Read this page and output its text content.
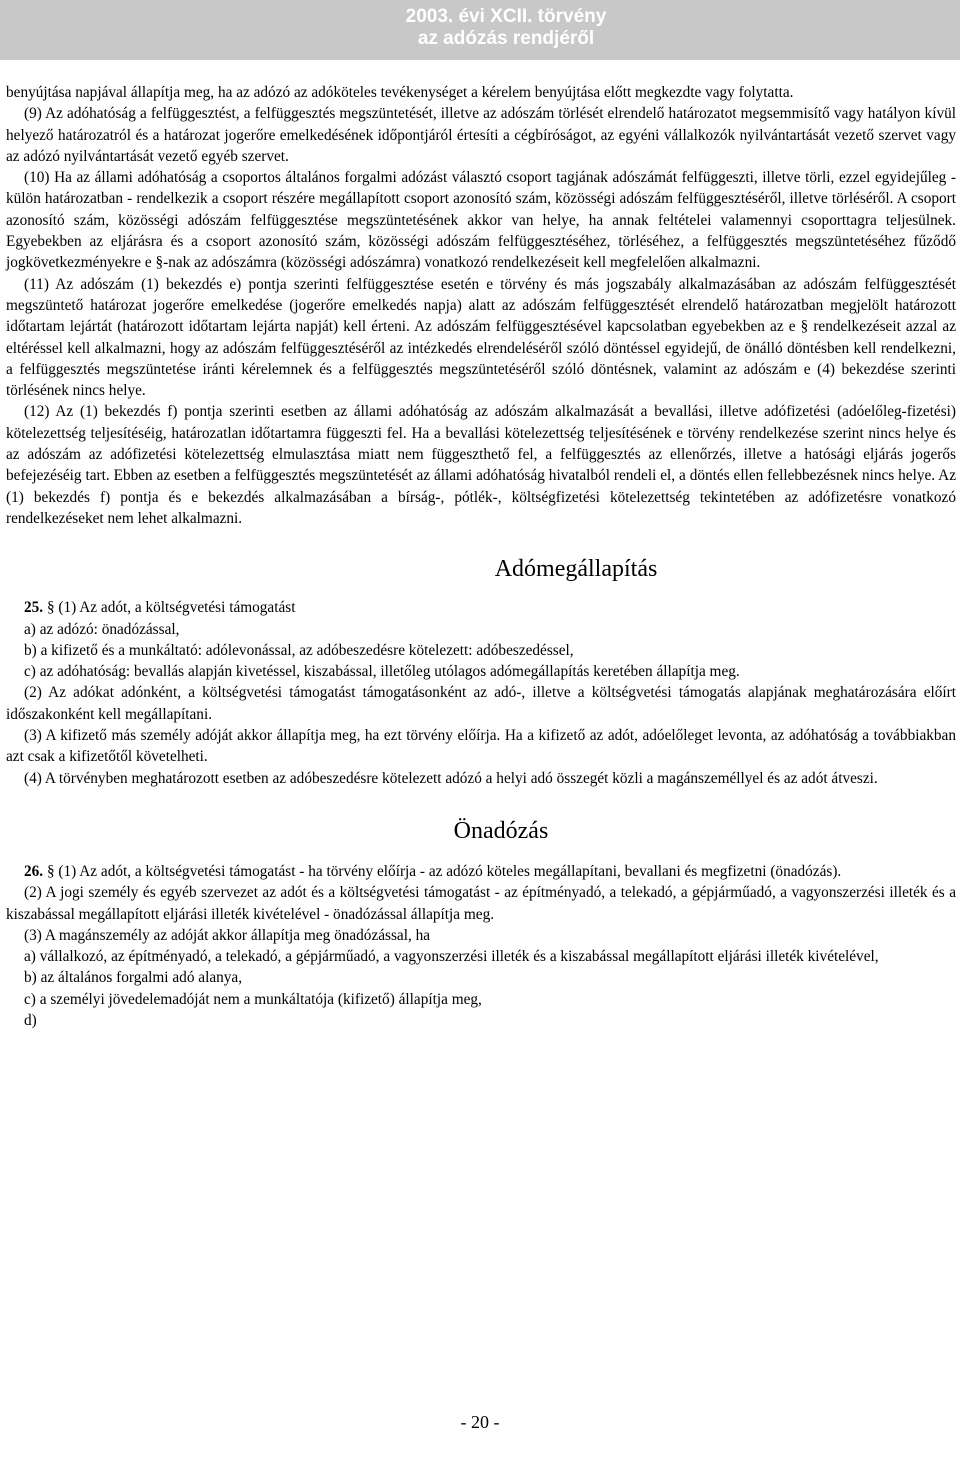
2003. évi XCII. törvény
az adózás rendjéről

benyújtása napjával állapítja meg, ha az adózó az adóköteles tevékenységet a kérelem benyújtása előtt megkezdte vagy folytatta.

(9) Az adóhatóság a felfüggesztést, a felfüggesztés megszüntetését, illetve az adószám törlését elrendelő határozatot megsemmisítő vagy hatályon kívül helyező határozatról és a határozat jogerőre emelkedésének időpontjáról értesíti a cégbíróságot, az egyéni vállalkozók nyilvántartását vezető szervet vagy az adózó nyilvántartását vezető egyéb szervet.

(10) Ha az állami adóhatóság a csoportos általános forgalmi adózást választó csoport tagjának adószámát felfüggeszti, illetve törli, ezzel egyidejűleg - külön határozatban - rendelkezik a csoport részére megállapított csoport azonosító szám, közösségi adószám felfüggesztéséről, illetve törléséről. A csoport azonosító szám, közösségi adószám felfüggesztése megszüntetésének akkor van helye, ha annak feltételei valamennyi csoporttagra teljesülnek. Egyebekben az eljárásra és a csoport azonosító szám, közösségi adószám felfüggesztéséhez, törléséhez, a felfüggesztés megszüntetéséhez fűződő jogkövetkezményekre e §-nak az adószámra (közösségi adószámra) vonatkozó rendelkezéseit kell megfelelően alkalmazni.

(11) Az adószám (1) bekezdés e) pontja szerinti felfüggesztése esetén e törvény és más jogszabály alkalmazásában az adószám felfüggesztését megszüntető határozat jogerőre emelkedése (jogerőre emelkedés napja) alatt az adószám felfüggesztését elrendelő határozatban megjelölt határozott időtartam lejártát (határozott időtartam lejárta napját) kell érteni. Az adószám felfüggesztésével kapcsolatban egyebekben az e § rendelkezéseit azzal az eltéréssel kell alkalmazni, hogy az adószám felfüggesztéséről az intézkedés elrendeléséről szóló döntéssel egyidejű, de önálló döntésben kell rendelkezni, a felfüggesztés megszüntetése iránti kérelemnek és a felfüggesztés megszüntetéséről szóló döntésnek, valamint az adószám e (4) bekezdése szerinti törlésének nincs helye.

(12) Az (1) bekezdés f) pontja szerinti esetben az állami adóhatóság az adószám alkalmazását a bevallási, illetve adófizetési (adóelőleg-fizetési) kötelezettség teljesítéséig, határozatlan időtartamra függeszti fel. Ha a bevallási kötelezettség teljesítésének e törvény rendelkezése szerint nincs helye és az adószám az adófizetési kötelezettség elmulasztása miatt nem függeszthető fel, a felfüggesztés az ellenőrzés, illetve a hatósági eljárás jogerős befejezéséig tart. Ebben az esetben a felfüggesztés megszüntetését az állami adóhatóság hivatalból rendeli el, a döntés ellen fellebbezésnek nincs helye. Az (1) bekezdés f) pontja és e bekezdés alkalmazásában a bírság-, pótlék-, költségfizetési kötelezettség tekintetében az adófizetésre vonatkozó rendelkezéseket nem lehet alkalmazni.

Adómegállapítás

25. § (1) Az adót, a költségvetési támogatást

a) az adózó: önadózással,

b) a kifizető és a munkáltató: adólevonással, az adóbeszedésre kötelezett: adóbeszedéssel,

c) az adóhatóság: bevallás alapján kivetéssel, kiszabással, illetőleg utólagos adómegállapítás keretében állapítja meg.

(2) Az adókat adónként, a költségvetési támogatást támogatásonként az adó-, illetve a költségvetési támogatás alapjának meghatározására előírt időszakonként kell megállapítani.

(3) A kifizető más személy adóját akkor állapítja meg, ha ezt törvény előírja. Ha a kifizető az adót, adóelőleget levonta, az adóhatóság a továbbiakban azt csak a kifizetőtől követelheti.

(4) A törvényben meghatározott esetben az adóbeszedésre kötelezett adózó a helyi adó összegét közli a magánszeméllyel és az adót átveszi.

Önadózás

26. § (1) Az adót, a költségvetési támogatást - ha törvény előírja - az adózó köteles megállapítani, bevallani és megfizetni (önadózás).

(2) A jogi személy és egyéb szervezet az adót és a költségvetési támogatást - az építményadó, a telekadó, a gépjárműadó, a vagyonszerzési illeték és a kiszabással megállapított eljárási illeték kivételével - önadózással állapítja meg.

(3) A magánszemély az adóját akkor állapítja meg önadózással, ha

a) vállalkozó, az építményadó, a telekadó, a gépjárműadó, a vagyonszerzési illeték és a kiszabással megállapított eljárási illeték kivételével,

b) az általános forgalmi adó alanya,

c) a személyi jövedelemadóját nem a munkáltatója (kifizető) állapítja meg,

d)

- 20 -
